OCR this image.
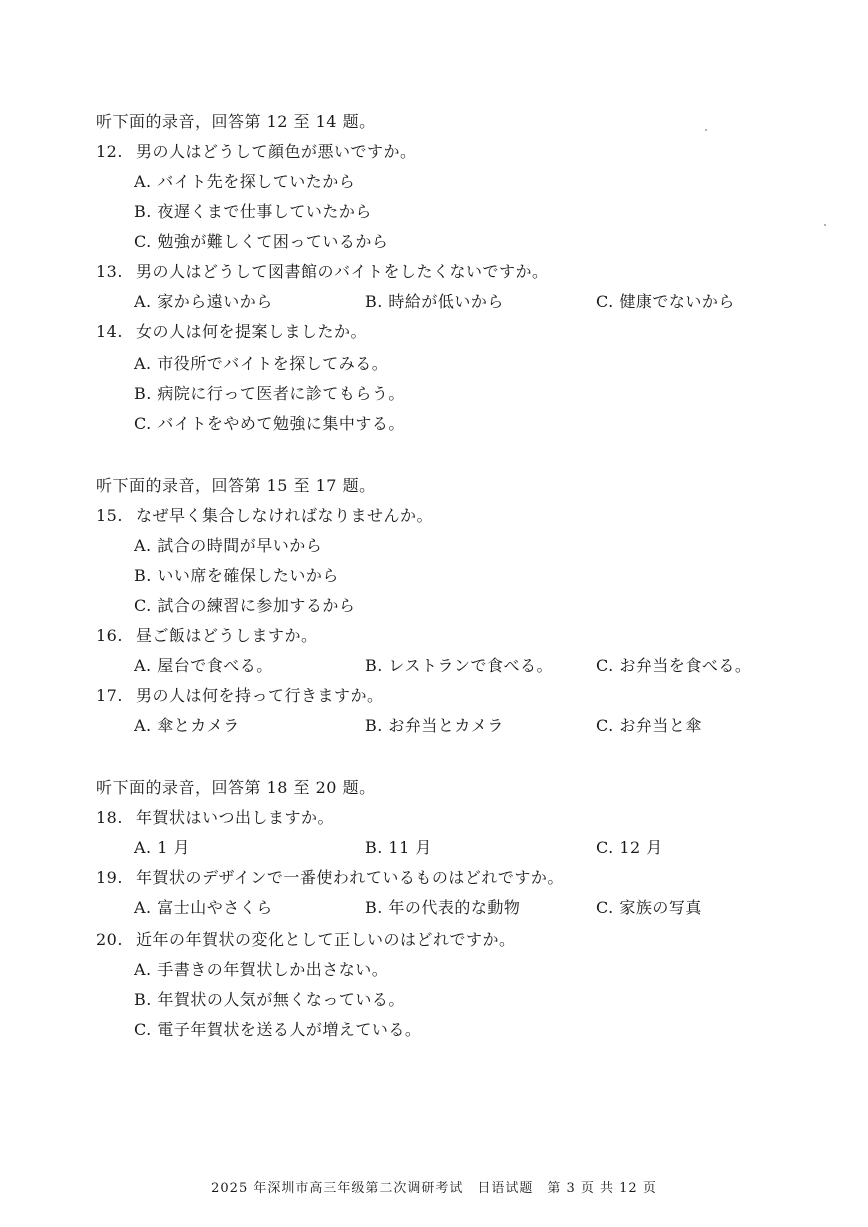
听下面的录音，回答第 12 至 14 题。
12. 男の人はどうして顔色が悪いですか。
A. バイト先を探していたから
B. 夜遅くまで仕事していたから
C. 勉強が難しくて困っているから
13. 男の人はどうして図書館のバイトをしたくないですか。
A. 家から遠いから	B. 時給が低いから	C. 健康でないから
14. 女の人は何を提案しましたか。
A. 市役所でバイトを探してみる。
B. 病院に行って医者に診てもらう。
C. バイトをやめて勉強に集中する。
听下面的录音，回答第 15 至 17 题。
15. なぜ早く集合しなければなりませんか。
A. 試合の時間が早いから
B. いい席を確保したいから
C. 試合の練習に参加するから
16. 昼ご飯はどうしますか。
A. 屋台で食べる。	B. レストランで食べる。	C. お弁当を食べる。
17. 男の人は何を持って行きますか。
A. 傘とカメラ	B. お弁当とカメラ	C. お弁当と傘
听下面的录音，回答第 18 至 20 题。
18. 年賀状はいつ出しますか。
A. 1 月	B. 11 月	C. 12 月
19. 年賀状のデザインで一番使われているものはどれですか。
A. 富士山やさくら	B. 年の代表的な動物	C. 家族の写真
20. 近年の年賀状の変化として正しいのはどれですか。
A. 手書きの年賀状しか出さない。
B. 年賀状の人気が無くなっている。
C. 電子年賀状を送る人が増えている。
2025 年深圳市高三年级第二次调研考试　日语试题　第 3 页 共 12 页
